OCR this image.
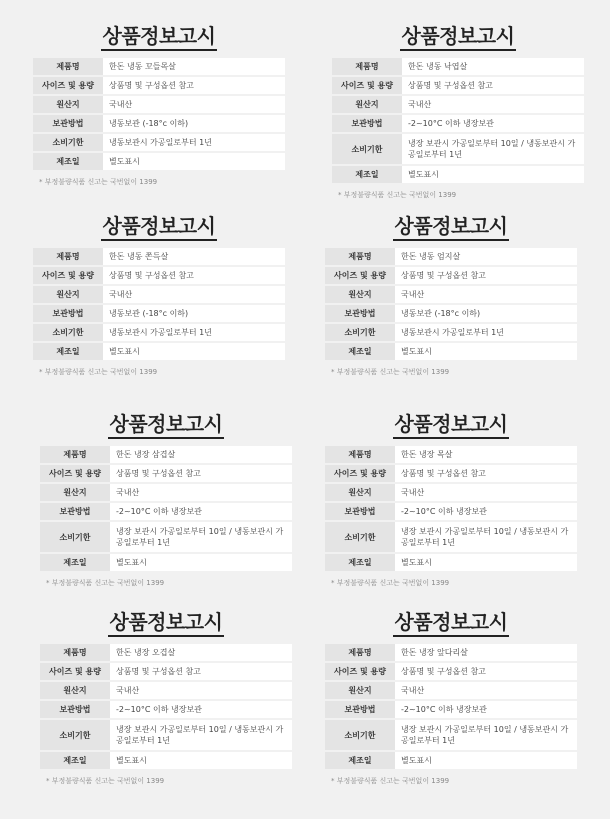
상품정보고시
제품명	한돈 냉동 꼬들목살
사이즈 및 용량	상품명 및 구성옵션 참고
원산지	국내산
보관방법	냉동보관 (-18°c 이하)
소비기한	냉동보관시 가공일로부터 1년
제조일	별도표시
* 부정불량식품 신고는 국번없이 1399
상품정보고시
제품명	한돈 냉동 낙엽살
사이즈 및 용량	상품명 및 구성옵션 참고
원산지	국내산
보관방법	-2~10°C 이하 냉장보관
소비기한	냉장 보관시 가공일로부터 10일 / 냉동보관시 가공일로부터 1년
제조일	별도표시
* 부정불량식품 신고는 국번없이 1399
상품정보고시
제품명	한돈 냉동 쫀득살
사이즈 및 용량	상품명 및 구성옵션 참고
원산지	국내산
보관방법	냉동보관 (-18°c 이하)
소비기한	냉동보관시 가공일로부터 1년
제조일	별도표시
* 부정불량식품 신고는 국번없이 1399
상품정보고시
제품명	한돈 냉동 엄지살
사이즈 및 용량	상품명 및 구성옵션 참고
원산지	국내산
보관방법	냉동보관 (-18°c 이하)
소비기한	냉동보관시 가공일로부터 1년
제조일	별도표시
* 부정불량식품 신고는 국번없이 1399
상품정보고시
제품명	한돈 냉장 삼겹살
사이즈 및 용량	상품명 및 구성옵션 참고
원산지	국내산
보관방법	-2~10°C 이하 냉장보관
소비기한	냉장 보관시 가공일로부터 10일 / 냉동보관시 가공일로부터 1년
제조일	별도표시
* 부정불량식품 신고는 국번없이 1399
상품정보고시
제품명	한돈 냉장 목살
사이즈 및 용량	상품명 및 구성옵션 참고
원산지	국내산
보관방법	-2~10°C 이하 냉장보관
소비기한	냉장 보관시 가공일로부터 10일 / 냉동보관시 가공일로부터 1년
제조일	별도표시
* 부정불량식품 신고는 국번없이 1399
상품정보고시
제품명	한돈 냉장 오겹살
사이즈 및 용량	상품명 및 구성옵션 참고
원산지	국내산
보관방법	-2~10°C 이하 냉장보관
소비기한	냉장 보관시 가공일로부터 10일 / 냉동보관시 가공일로부터 1년
제조일	별도표시
* 부정불량식품 신고는 국번없이 1399
상품정보고시
제품명	한돈 냉장 앞다리살
사이즈 및 용량	상품명 및 구성옵션 참고
원산지	국내산
보관방법	-2~10°C 이하 냉장보관
소비기한	냉장 보관시 가공일로부터 10일 / 냉동보관시 가공일로부터 1년
제조일	별도표시
* 부정불량식품 신고는 국번없이 1399
